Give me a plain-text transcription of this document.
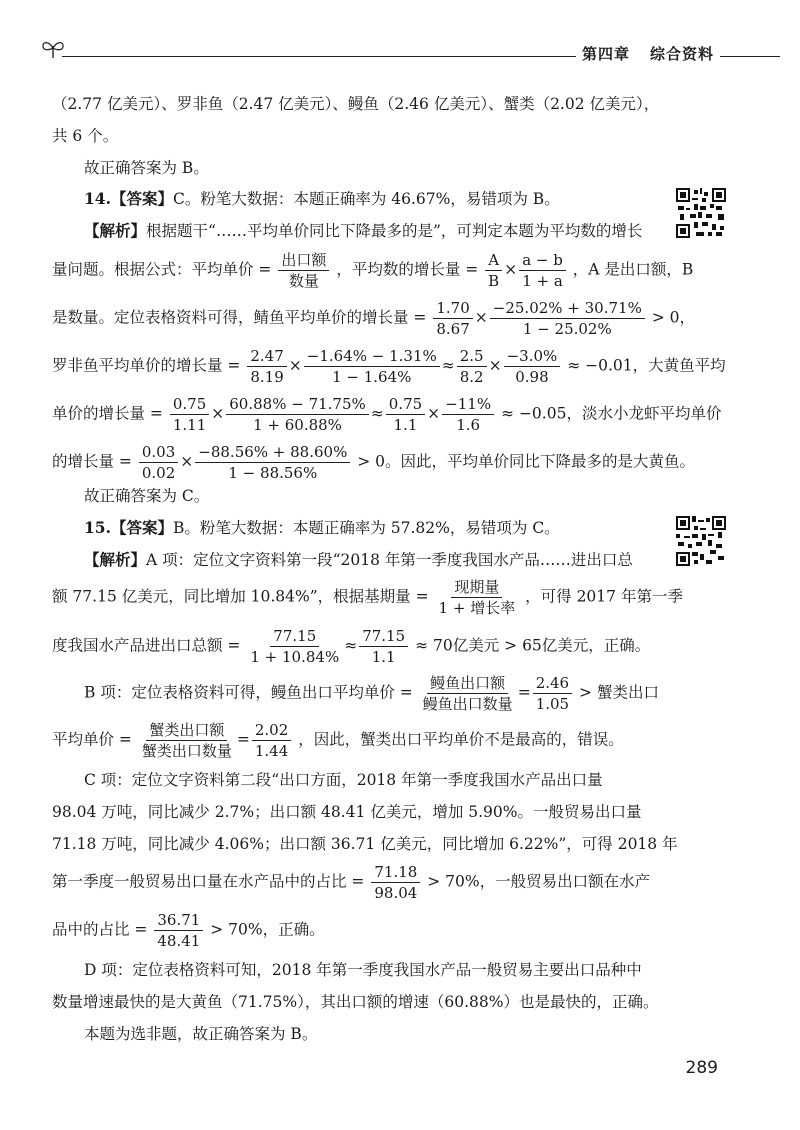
第四章 综合资料
（2.77 亿美元）、罗非鱼（2.47 亿美元）、鳗鱼（2.46 亿美元）、蟹类（2.02 亿美元），
共 6 个。
故正确答案为 B。
14.【答案】C。粉笔大数据：本题正确率为 46.67%，易错项为 B。
【解析】根据题干“……平均单价同比下降最多的是”，可判定本题为平均数的增长
量问题。根据公式：平均单价 = $\frac{\text{出口额}}{\text{数量}}$ ，平均数的增长量 = $\frac{A}{B} \times \frac{a - b}{1 + a}$ ，A 是出口额，B
是数量。定位表格资料可得，鲭鱼平均单价的增长量 = $\frac{1.70}{8.67} \times \frac{-25.02\% + 30.71\%}{1 - 25.02\%} > 0$，
罗非鱼平均单价的增长量 = $\frac{2.47}{8.19} \times \frac{-1.64\% - 1.31\%}{1 - 1.64\%} \approx \frac{2.5}{8.2} \times \frac{-3.0\%}{0.98} \approx -0.01$，大黄鱼平均
单价的增长量 = $\frac{0.75}{1.11} \times \frac{60.88\% - 71.75\%}{1 + 60.88\%} \approx \frac{0.75}{1.1} \times \frac{-11\%}{1.6} \approx -0.05$，淡水小龙虾平均单价
的增长量 = $\frac{0.03}{0.02} \times \frac{-88.56\% + 88.60\%}{1 - 88.56\%} > 0$。因此，平均单价同比下降最多的是大黄鱼。
故正确答案为 C。
15.【答案】B。粉笔大数据：本题正确率为 57.82%，易错项为 C。
【解析】A 项：定位文字资料第一段“2018 年第一季度我国水产品……进出口总
额 77.15 亿美元，同比增加 10.84%”，根据基期量 = $\frac{\text{现期量}}{\text{1 + 增长率}}$ ，可得 2017 年第一季
度我国水产品进出口总额 = $\frac{77.15}{1 + 10.84\%} \approx \frac{77.15}{1.1} \approx 70$亿美元 > 65亿美元，正确。
B 项：定位表格资料可得，鳗鱼出口平均单价 = $\frac{\text{鳗鱼出口额}}{\text{鳗鱼出口数量}} = \frac{2.46}{1.05}$ > 蟹类出口
平均单价 = $\frac{\text{蟹类出口额}}{\text{蟹类出口数量}} = \frac{2.02}{1.44}$ ，因此，蟹类出口平均单价不是最高的，错误。
C 项：定位文字资料第二段“出口方面，2018 年第一季度我国水产品出口量
98.04 万吨，同比减少 2.7%；出口额 48.41 亿美元，增加 5.90%。一般贸易出口量
71.18 万吨，同比减少 4.06%；出口额 36.71 亿美元，同比增加 6.22%”，可得 2018 年
第一季度一般贸易出口量在水产品中的占比 = $\frac{71.18}{98.04} > 70\%$，一般贸易出口额在水产
品中的占比 = $\frac{36.71}{48.41} > 70\%$，正确。
D 项：定位表格资料可知，2018 年第一季度我国水产品一般贸易主要出口品种中
数量增速最快的是大黄鱼（71.75%），其出口额的增速（60.88%）也是最快的，正确。
本题为选非题，故正确答案为 B。
289
